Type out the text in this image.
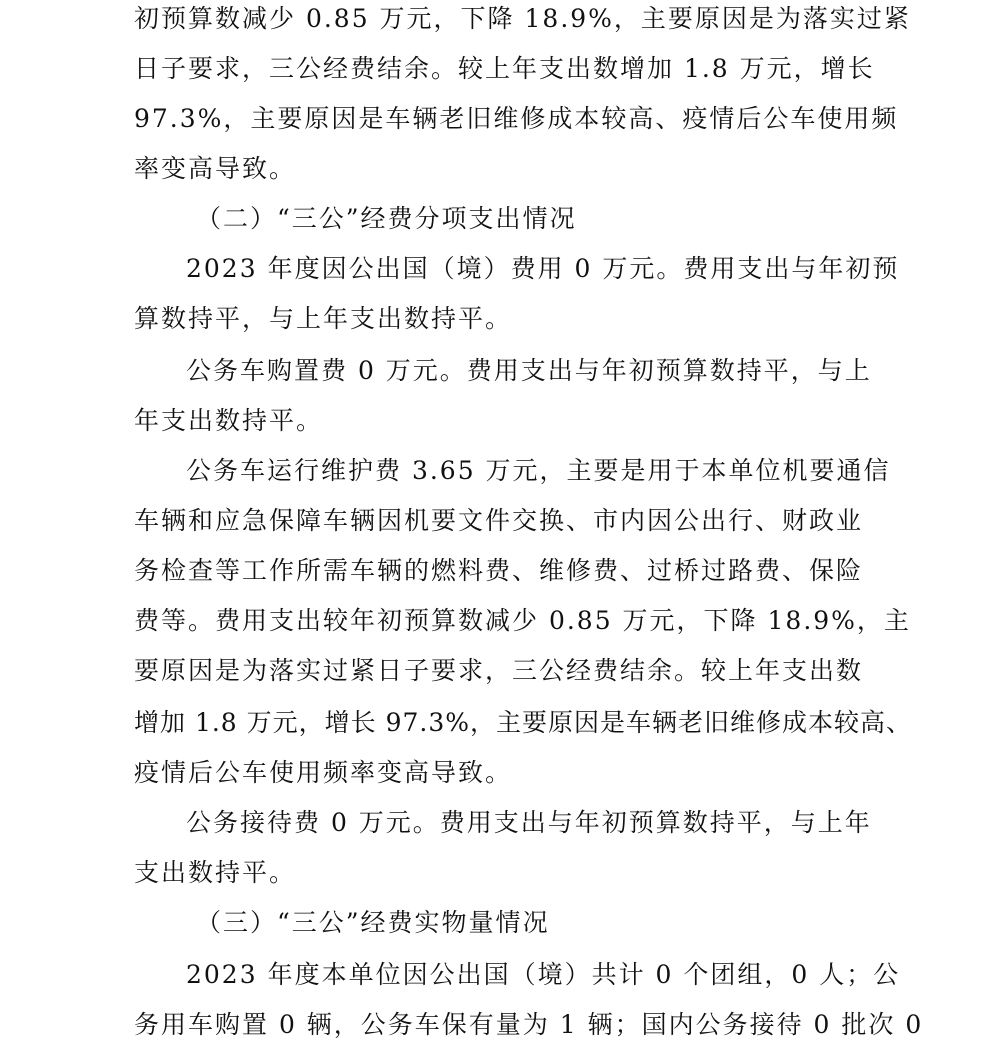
初预算数减少 0.85 万元，下降 18.9%，主要原因是为落实过紧
日子要求，三公经费结余。较上年支出数增加 1.8 万元，增长
97.3%，主要原因是车辆老旧维修成本较高、疫情后公车使用频
率变高导致。
（二）“三公”经费分项支出情况
2023 年度因公出国（境）费用 0 万元。费用支出与年初预
算数持平，与上年支出数持平。
公务车购置费 0 万元。费用支出与年初预算数持平，与上
年支出数持平。
公务车运行维护费 3.65 万元，主要是用于本单位机要通信
车辆和应急保障车辆因机要文件交换、市内因公出行、财政业
务检查等工作所需车辆的燃料费、维修费、过桥过路费、保险
费等。费用支出较年初预算数减少 0.85 万元，下降 18.9%，主
要原因是为落实过紧日子要求，三公经费结余。较上年支出数
增加 1.8 万元，增长 97.3%，主要原因是车辆老旧维修成本较高、
疫情后公车使用频率变高导致。
公务接待费 0 万元。费用支出与年初预算数持平，与上年
支出数持平。
（三）“三公”经费实物量情况
2023 年度本单位因公出国（境）共计 0 个团组，0 人；公
务用车购置 0 辆，公务车保有量为 1 辆；国内公务接待 0 批次 0
